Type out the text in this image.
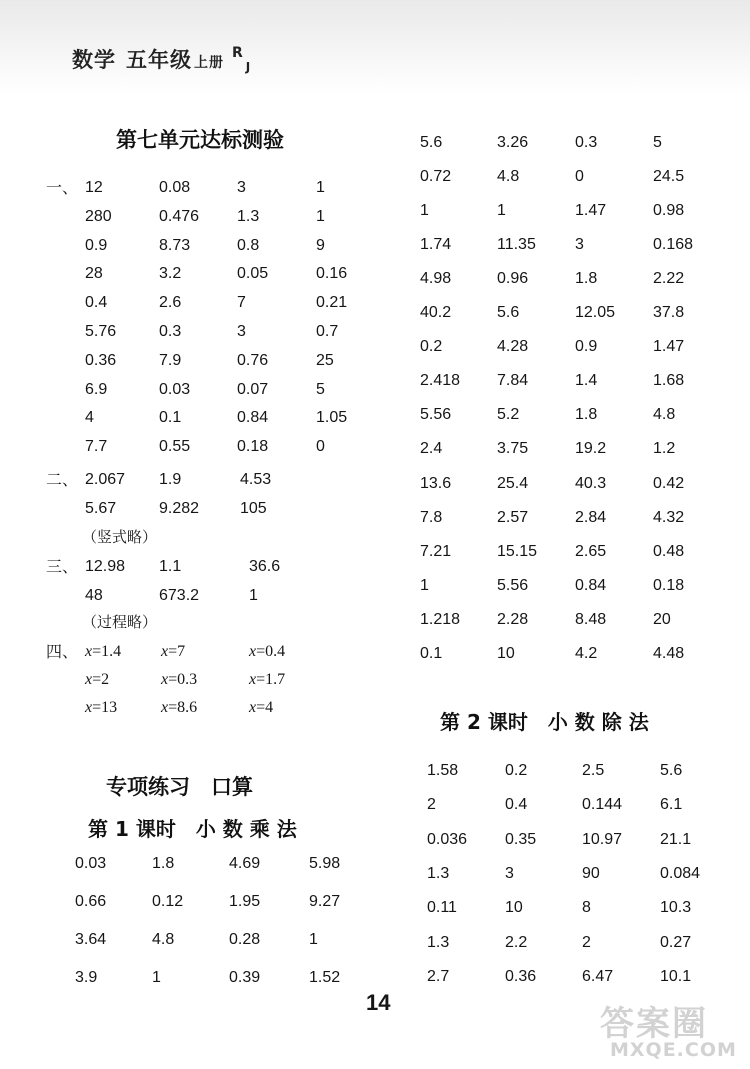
数学 五年级 上册$^R$J
第七单元达标测验
一、 12	0.08	3	1
280	0.476 1.3	1
0.9	8.73	0.8	9
28	3.2	0.05	0.16
0.4	2.6	7	0.21
5.76	0.3	3	0.7
0.36	7.9	0.76	25
6.9	0.03	0.07	5
4	0.1	0.84	1.05
7.7	0.55	0.18	0
二、 2.067 1.9	4.53
5.67	9.282	105
（竖式略）
三、 12.98 1.1	36.6
48	673.2	1
（过程略）
四、 x=1.4 x=7	x=0.4
x=2	x=0.3	x=1.7
x=13	x=8.6	x=4
专项练习　口算
第 1 课时　小 数 乘 法
0.03	1.8	4.69	5.98
0.66	0.12	1.95	9.27
3.64	4.8	0.28	1
3.9	1	0.39	1.52
5.6	3.26	0.3	5
0.72	4.8	0	24.5
1	1	1.47	0.98
1.74	11.35 3	0.168
4.98	0.96	1.8	2.22
40.2	5.6	12.05 37.8
0.2	4.28	0.9	1.47
2.418 7.84	1.4	1.68
5.56	5.2	1.8	4.8
2.4	3.75	19.2	1.2
13.6	25.4	40.3	0.42
7.8	2.57	2.84	4.32
7.21	15.15 2.65	0.48
1	5.56	0.84	0.18
1.218 2.28	8.48	20
0.1	10	4.2	4.48
第 2 课时　小 数 除 法
1.58	0.2	2.5	5.6
2	0.4	0.144 6.1
0.036 0.35	10.97 21.1
1.3	3	90	0.084
0.11	10	8	10.3
1.3	2.2	2	0.27
2.7	0.36	6.47	10.1
14
答案圈
MXQE.COM
